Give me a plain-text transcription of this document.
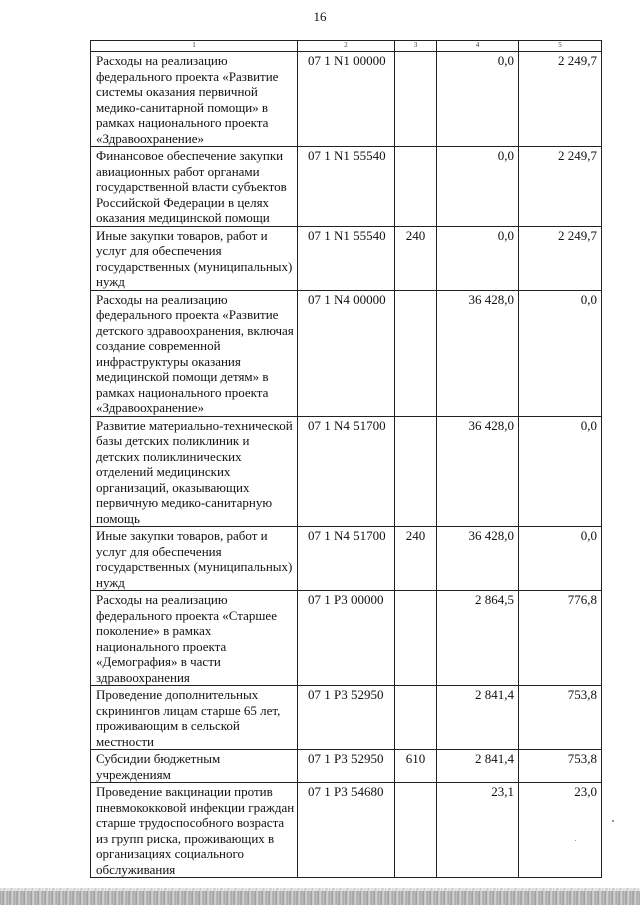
16
1	2	3	4	5
Расходы на реализацию федерального проекта «Развитие системы оказания первичной медико-санитарной помощи» в рамках национального проекта «Здравоохранение»	07 1 N1 00000		0,0	2 249,7
Финансовое обеспечение закупки авиационных работ органами государственной власти субъектов Российской Федерации в целях оказания медицинской помощи	07 1 N1 55540		0,0	2 249,7
Иные закупки товаров, работ и услуг для обеспечения государственных (муниципальных) нужд	07 1 N1 55540	240	0,0	2 249,7
Расходы на реализацию федерального проекта «Развитие детского здравоохранения, включая создание современной инфраструктуры оказания медицинской помощи детям» в рамках национального проекта «Здравоохранение»	07 1 N4 00000		36 428,0	0,0
Развитие материально-технической базы детских поликлиник и детских поликлинических отделений медицинских организаций, оказывающих первичную медико-санитарную помощь	07 1 N4 51700		36 428,0	0,0
Иные закупки товаров, работ и услуг для обеспечения государственных (муниципальных) нужд	07 1 N4 51700	240	36 428,0	0,0
Расходы на реализацию федерального проекта «Старшее поколение» в рамках национального проекта «Демография» в части здравоохранения	07 1 P3 00000		2 864,5	776,8
Проведение дополнительных скринингов лицам старше 65 лет, проживающим в сельской местности	07 1 P3 52950		2 841,4	753,8
Субсидии бюджетным учреждениям	07 1 P3 52950	610	2 841,4	753,8
Проведение вакцинации против пневмококковой инфекции граждан старше трудоспособного возраста из групп риска, проживающих в организациях социального обслуживания	07 1 P3 54680		23,1	23,0
